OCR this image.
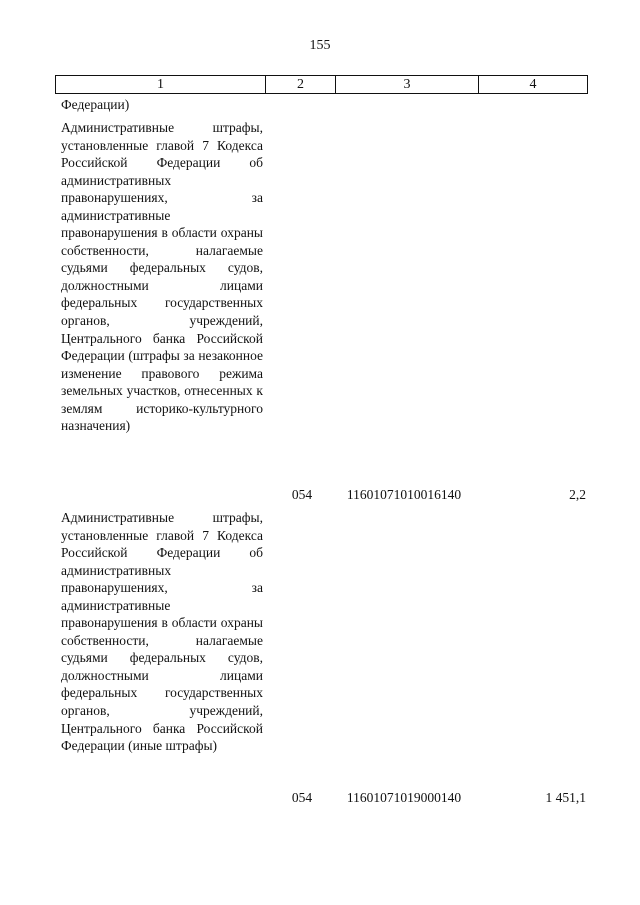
155
1	2	3	4
Федерации)
Административные штрафы, установленные главой 7 Кодекса Российской Федерации об административных правонарушениях, за административные правонарушения в области охраны собственности, налагаемые судьями федеральных судов, должностными лицами федеральных государственных органов, учреждений, Центрального банка Российской Федерации (штрафы за незаконное изменение правового режима земельных участков, отнесенных к землям историко-культурного назначения)
054	11601071010016140	2,2
Административные штрафы, установленные главой 7 Кодекса Российской Федерации об административных правонарушениях, за административные правонарушения в области охраны собственности, налагаемые судьями федеральных судов, должностными лицами федеральных государственных органов, учреждений, Центрального банка Российской Федерации (иные штрафы)
054	11601071019000140	1 451,1
